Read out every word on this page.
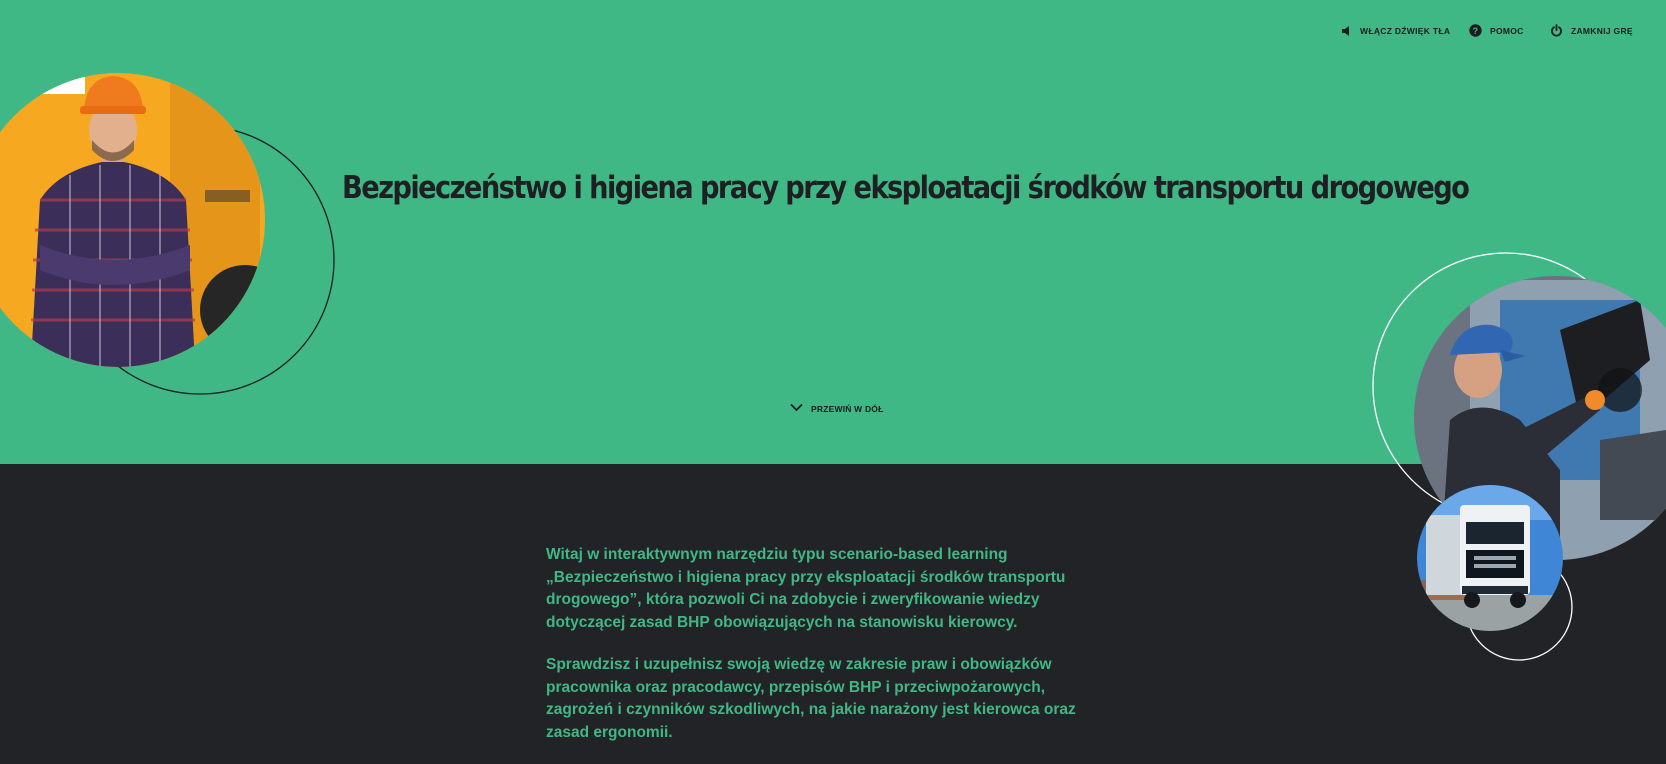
WŁĄCZ DŹWIĘK TŁA ? POMOC	ZAMKNIJ GRĘ
Bezpieczeństwo i higiena pracy przy eksploatacji środków transportu drogowego
PRZEWIŃ W DÓŁ

Witaj w interaktywnym narzędziu typu scenario-based learning „Bezpieczeństwo i higiena pracy przy eksploatacji środków transportu drogowego”, która pozwoli Ci na zdobycie i zweryfikowanie wiedzy dotyczącej zasad BHP obowiązujących na stanowisku kierowcy.

Sprawdzisz i uzupełnisz swoją wiedzę w zakresie praw i obowiązków pracownika oraz pracodawcy, przepisów BHP i przeciwpożarowych, zagrożeń i czynników szkodliwych, na jakie narażony jest kierowca oraz zasad ergonomii.
